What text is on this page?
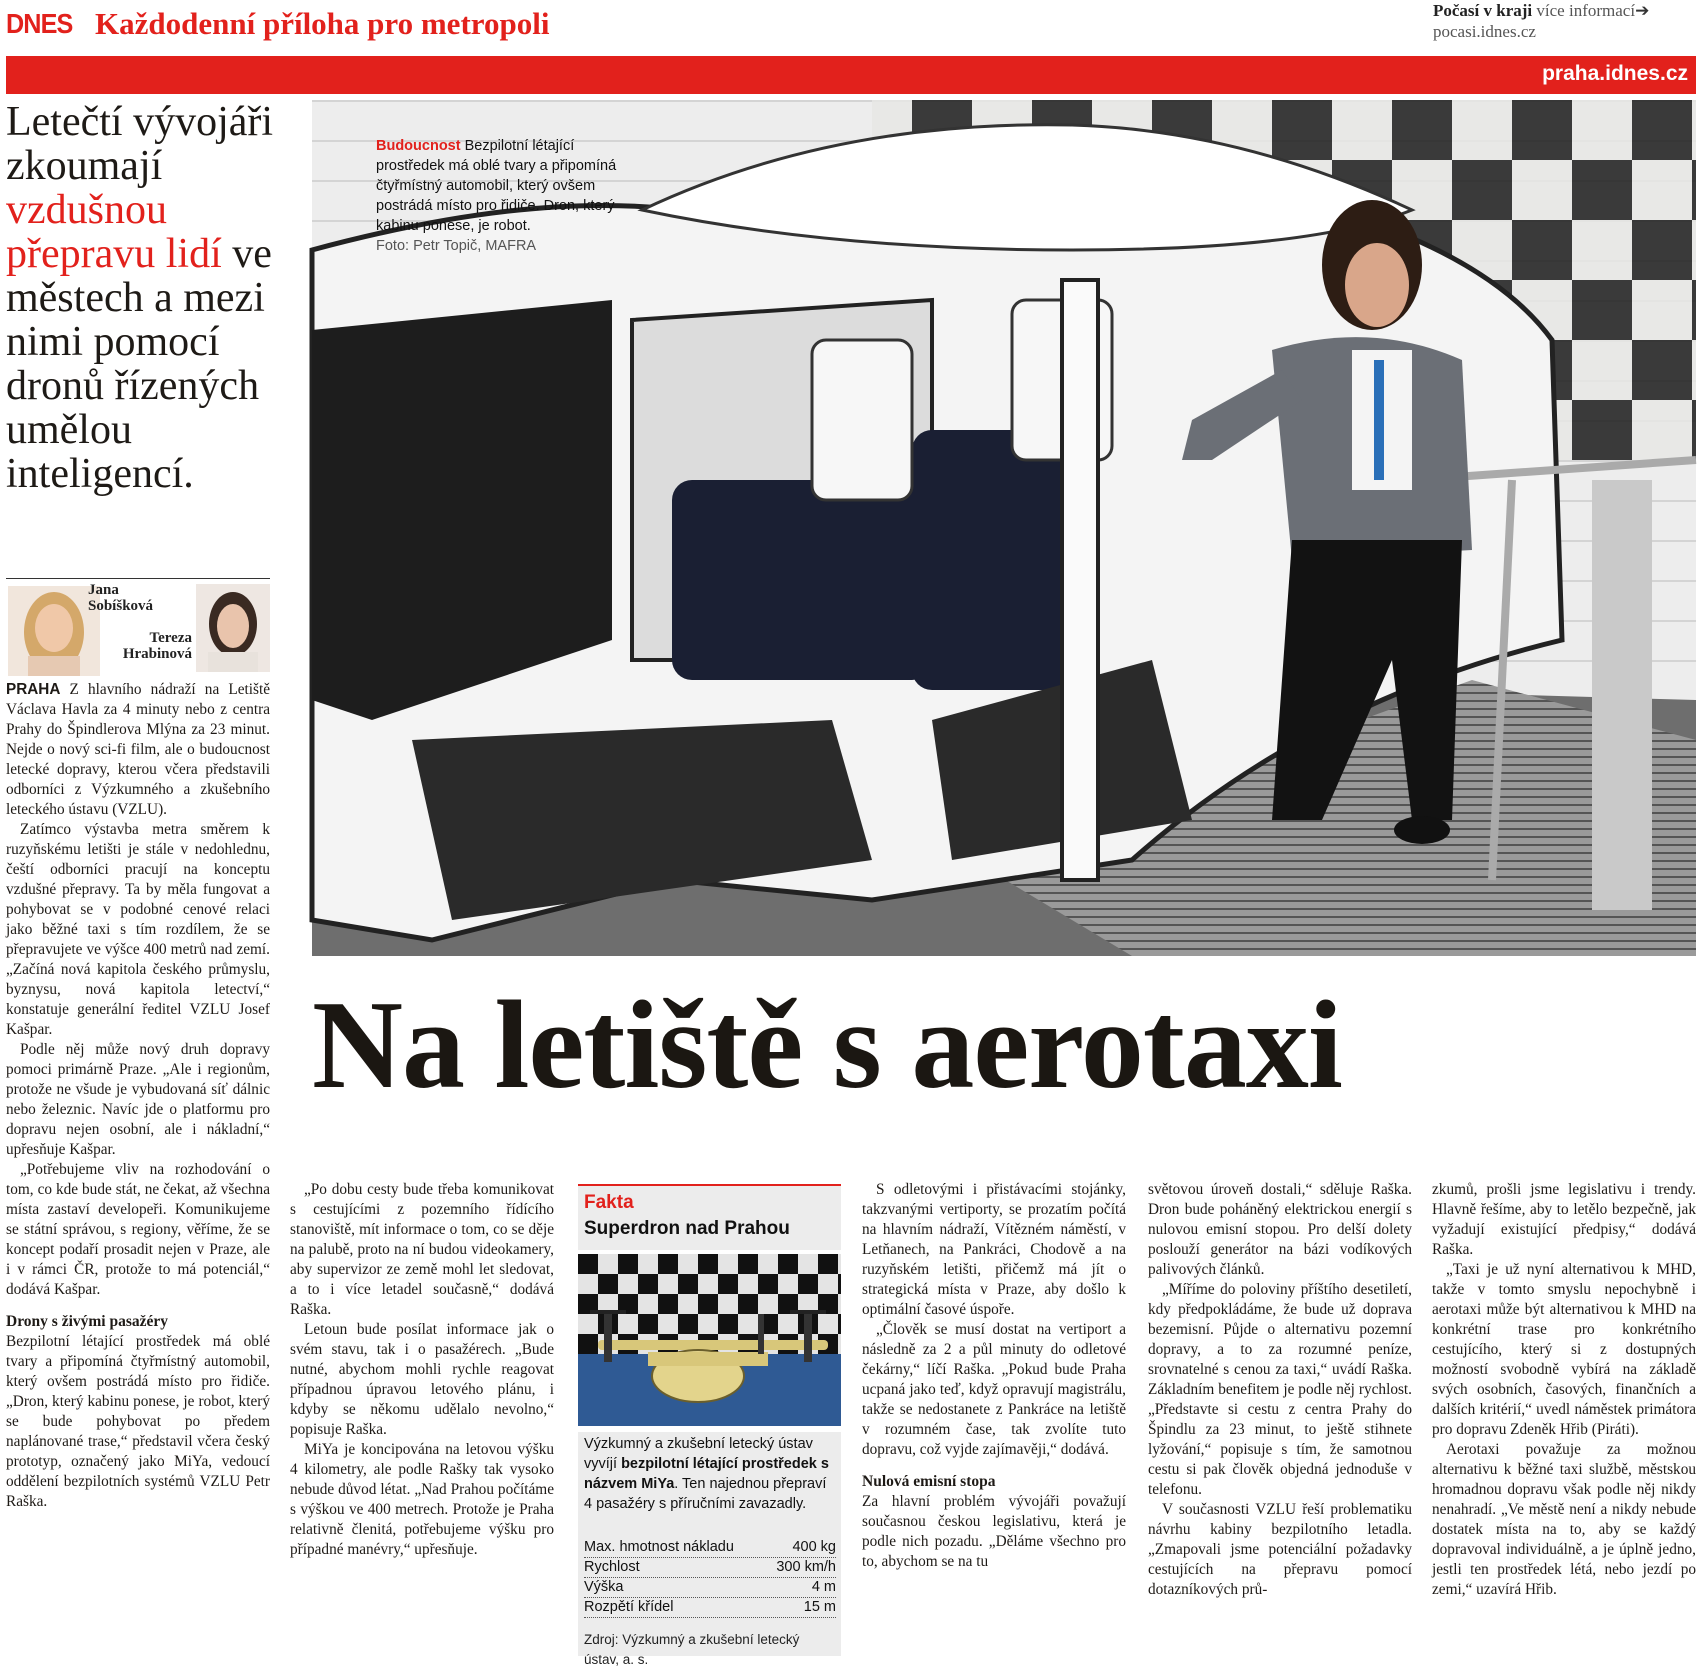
DNES Každodenní příloha pro metropoli	Počasí v kraji více informací➔
pocasi.idnes.cz
praha.idnes.cz
Letečtí vývojáři zkoumají vzdušnou přepravu lidí ve městech a mezi nimi pomocí dronů řízených umělou inteligencí.
Jana Sobíšková
Tereza Hrabinová

PRAHA Z hlavního nádraží na Letiště Václava Havla za 4 minuty nebo z centra Prahy do Špindlerova Mlýna za 23 minut. Nejde o nový sci-fi film, ale o budoucnost letecké dopravy, kterou včera představili odborníci z Výzkumného a zkušebního leteckého ústavu (VZLU).

Zatímco výstavba metra směrem k ruzyňskému letišti je stále v nedohlednu, čeští odborníci pracují na konceptu vzdušné přepravy. Ta by měla fungovat a pohybovat se v podobné cenové relaci jako běžné taxi s tím rozdílem, že se přepravujete ve výšce 400 metrů nad zemí. „Začíná nová kapitola českého průmyslu, byznysu, nová kapitola letectví,“ konstatuje generální ředitel VZLU Josef Kašpar.

Podle něj může nový druh dopravy pomoci primárně Praze. „Ale i regionům, protože ne všude je vybudovaná síť dálnic nebo železnic. Navíc jde o platformu pro dopravu nejen osobní, ale i nákladní,“ upřesňuje Kašpar.

„Potřebujeme vliv na rozhodování o tom, co kde bude stát, ne čekat, až všechna místa zastaví developeři. Komunikujeme se státní správou, s regiony, věříme, že se koncept podaří prosadit nejen v Praze, ale i v rámci ČR, protože to má potenciál,“ dodává Kašpar.

Drony s živými pasažéry

Bezpilotní létající prostředek má oblé tvary a připomíná čtyřmístný automobil, který ovšem postrádá místo pro řidiče. „Dron, který kabinu ponese, je robot, který se bude pohybovat po předem naplánované trase,“ představil včera český prototyp, označený jako MiYa, vedoucí oddělení bezpilotních systémů VZLU Petr Raška.

Budoucnost Bezpilotní létající prostředek má oblé tvary a připomíná čtyřmístný automobil, který ovšem postrádá místo pro řidiče. Dron, který kabinu ponese, je robot.
Foto: Petr Topič, MAFRA
Na letiště s aerotaxi

„Po dobu cesty bude třeba komunikovat s cestujícími z pozemního řídícího stanoviště, mít informace o tom, co se děje na palubě, proto na ní budou videokamery, aby supervizor ze země mohl let sledovat, a to i více letadel současně,“ dodává Raška.

Letoun bude posílat informace jak o svém stavu, tak i o pasažérech. „Bude nutné, abychom mohli rychle reagovat případnou úpravou letového plánu, i kdyby se někomu udělalo nevolno,“ popisuje Raška.

MiYa je koncipována na letovou výšku 4 kilometry, ale podle Rašky tak vysoko nebude důvod létat. „Nad Prahou počítáme s výškou ve 400 metrech. Protože je Praha relativně členitá, potřebujeme výšku pro případné manévry,“ upřesňuje.

Fakta
Superdron nad Prahou
Výzkumný a zkušební letecký ústav vyvíjí bezpilotní létající prostředek s názvem MiYa. Ten najednou přepraví 4 pasažéry s příručními zavazadly.
Max. hmotnost nákladu	400 kg
Rychlost	300 km/h
Výška	4 m
Rozpětí křídel	15 m
Zdroj: Výzkumný a zkušební letecký ústav, a. s.

S odletovými i přistávacími stojánky, takzvanými vertiporty, se prozatím počítá na hlavním nádraží, Vítězném náměstí, v Letňanech, na Pankráci, Chodově a na ruzyňském letišti, přičemž má jít o strategická místa v Praze, aby došlo k optimální časové úspoře.

„Člověk se musí dostat na vertiport a následně za 2 a půl minuty do odletové čekárny,“ líčí Raška. „Pokud bude Praha ucpaná jako teď, když opravují magistrálu, takže se nedostanete z Pankráce na letiště v rozumném čase, tak zvolíte tuto dopravu, což vyjde zajímavěji,“ dodává.

Nulová emisní stopa

Za hlavní problém vývojáři považují současnou českou legislativu, která je podle nich pozadu. „Děláme všechno pro to, abychom se na tu

světovou úroveň dostali,“ sděluje Raška. Dron bude poháněný elektrickou energií s nulovou emisní stopou. Pro delší dolety poslouží generátor na bázi vodíkových palivových článků.

„Míříme do poloviny příštího desetiletí, kdy předpokládáme, že bude už doprava bezemisní. Půjde o alternativu pozemní dopravy, a to za rozumné peníze, srovnatelné s cenou za taxi,“ uvádí Raška. Základním benefitem je podle něj rychlost. „Představte si cestu z centra Prahy do Špindlu za 23 minut, to ještě stihnete lyžování,“ popisuje s tím, že samotnou cestu si pak člověk objedná jednoduše v telefonu.

V současnosti VZLU řeší problematiku návrhu kabiny bezpilotního letadla. „Zmapovali jsme potenciální požadavky cestujících na přepravu pomocí dotazníkových prů-

zkumů, prošli jsme legislativu i trendy. Hlavně řešíme, aby to letělo bezpečně, jak vyžadují existující předpisy,“ dodává Raška.

„Taxi je už nyní alternativou k MHD, takže v tomto smyslu nepochybně i aerotaxi může být alternativou k MHD na konkrétní trase pro konkrétního cestujícího, který si z dostupných možností svobodně vybírá na základě svých osobních, časových, finančních a dalších kritérií,“ uvedl náměstek primátora pro dopravu Zdeněk Hřib (Piráti).

Aerotaxi považuje za možnou alternativu k běžné taxi službě, městskou hromadnou dopravu však podle něj nikdy nenahradí. „Ve městě není a nikdy nebude dostatek místa na to, aby se každý dopravoval individuálně, a je úplně jedno, jestli ten prostředek létá, nebo jezdí po zemi,“ uzavírá Hřib.
